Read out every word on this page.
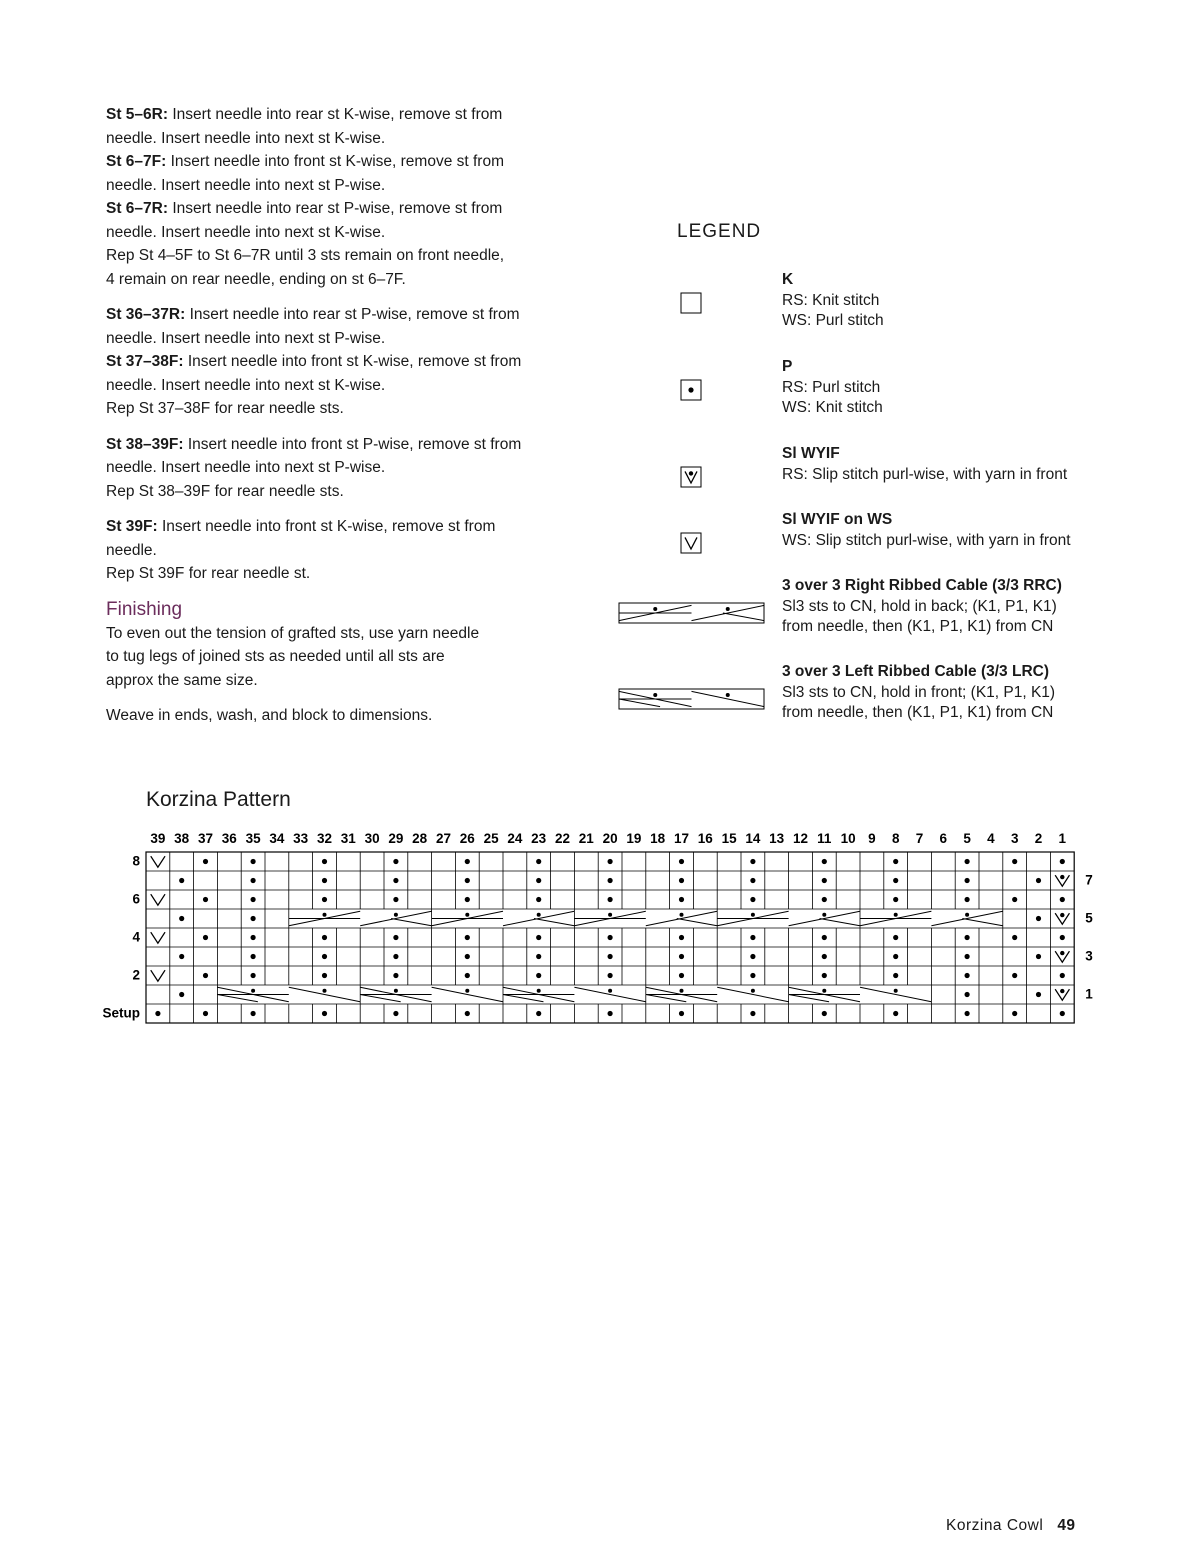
St 5–6R: Insert needle into rear st K-wise, remove st from
needle. Insert needle into next st K-wise.
St 6–7F: Insert needle into front st K-wise, remove st from
needle. Insert needle into next st P-wise.
St 6–7R: Insert needle into rear st P-wise, remove st from
needle. Insert needle into next st K-wise.
Rep St 4–5F to St 6–7R until 3 sts remain on front needle,
4 remain on rear needle, ending on st 6–7F.

St 36–37R: Insert needle into rear st P-wise, remove st from
needle. Insert needle into next st P-wise.
St 37–38F: Insert needle into front st K-wise, remove st from
needle. Insert needle into next st K-wise.
Rep St 37–38F for rear needle sts.

St 38–39F: Insert needle into front st P-wise, remove st from
needle. Insert needle into next st P-wise.
Rep St 38–39F for rear needle sts.

St 39F: Insert needle into front st K-wise, remove st from
needle.
Rep St 39F for rear needle st.

Finishing

To even out the tension of grafted sts, use yarn needle
to tug legs of joined sts as needed until all sts are
approx the same size.

Weave in ends, wash, and block to dimensions.

LEGEND
K
RS: Knit stitch
WS: Purl stitch
P
RS: Purl stitch
WS: Knit stitch
Sl WYIF
RS: Slip stitch purl-wise, with yarn in front
Sl WYIF on WS
WS: Slip stitch purl-wise, with yarn in front
3 over 3 Right Ribbed Cable (3/3 RRC)
Sl3 sts to CN, hold in back; (K1, P1, K1)
from needle, then (K1, P1, K1) from CN
3 over 3 Left Ribbed Cable (3/3 LRC)
Sl3 sts to CN, hold in front; (K1, P1, K1)
from needle, then (K1, P1, K1) from CN
Korzina Pattern
39 38 37 36 35 34 33 32 31 30 29 28 27 26 25 24 23 22 21 20 19 18 17 16 15 14 13 12 11 10 9 8 7 6 5 4 3 2 1
8
7
6
5
4
3
2
1
Setup
Korzina Cowl 49
